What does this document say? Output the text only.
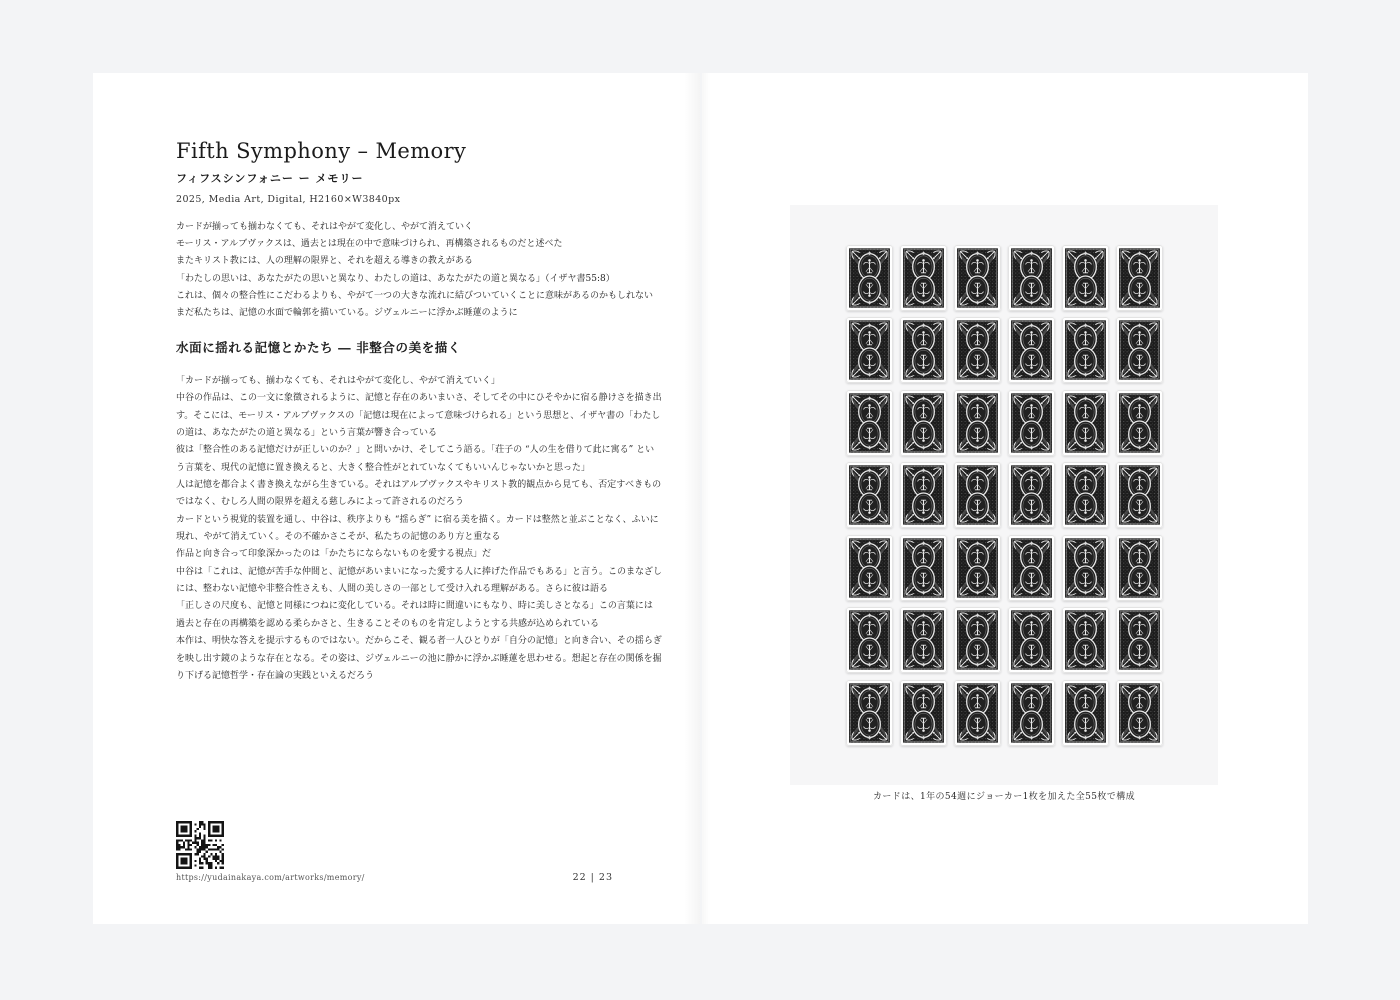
Fifth Symphony – Memory
フィフスシンフォニー ー メモリー
2025, Media Art, Digital, H2160×W3840px
カードが揃っても揃わなくても、それはやがて変化し、やがて消えていく
モーリス・アルブヴァクスは、過去とは現在の中で意味づけられ、再構築されるものだと述べた
またキリスト教には、人の理解の限界と、それを超える導きの教えがある
「わたしの思いは、あなたがたの思いと異なり、わたしの道は、あなたがたの道と異なる」（イザヤ書55:8）
これは、個々の整合性にこだわるよりも、やがて一つの大きな流れに結びついていくことに意味があるのかもしれない
まだ私たちは、記憶の水面で輪郭を描いている。ジヴェルニーに浮かぶ睡蓮のように
水面に揺れる記憶とかたち ― 非整合の美を描く
「カードが揃っても、揃わなくても、それはやがて変化し、やがて消えていく」
中谷の作品は、この一文に象徴されるように、記憶と存在のあいまいさ、そしてその中にひそやかに宿る静けさを描き出
す。そこには、モーリス・アルブヴァクスの「記憶は現在によって意味づけられる」という思想と、イザヤ書の「わたし
の道は、あなたがたの道と異なる」という言葉が響き合っている
彼は「整合性のある記憶だけが正しいのか？」と問いかけ、そしてこう語る。「荘子の “人の生を借りて此に寓る” とい
う言葉を、現代の記憶に置き換えると、大きく整合性がとれていなくてもいいんじゃないかと思った」
人は記憶を都合よく書き換えながら生きている。それはアルブヴァクスやキリスト教的観点から見ても、否定すべきもの
ではなく、むしろ人間の限界を超える慈しみによって許されるのだろう
カードという視覚的装置を通し、中谷は、秩序よりも “揺らぎ” に宿る美を描く。カードは整然と並ぶことなく、ふいに
現れ、やがて消えていく。その不確かさこそが、私たちの記憶のあり方と重なる
作品と向き合って印象深かったのは「かたちにならないものを愛する視点」だ
中谷は「これは、記憶が苦手な仲間と、記憶があいまいになった愛する人に捧げた作品でもある」と言う。このまなざし
には、整わない記憶や非整合性さえも、人間の美しさの一部として受け入れる理解がある。さらに彼は語る
「正しさの尺度も、記憶と同様につねに変化している。それは時に間違いにもなり、時に美しさとなる」この言葉には
過去と存在の再構築を認める柔らかさと、生きることそのものを肯定しようとする共感が込められている
本作は、明快な答えを提示するものではない。だからこそ、観る者一人ひとりが「自分の記憶」と向き合い、その揺らぎ
を映し出す鏡のような存在となる。その姿は、ジヴェルニーの池に静かに浮かぶ睡蓮を思わせる。想起と存在の関係を掘
り下げる記憶哲学・存在論の実践といえるだろう
https://yudainakaya.com/artworks/memory/	22 | 23
カードは、1年の54週にジョーカー1枚を加えた全55枚で構成
